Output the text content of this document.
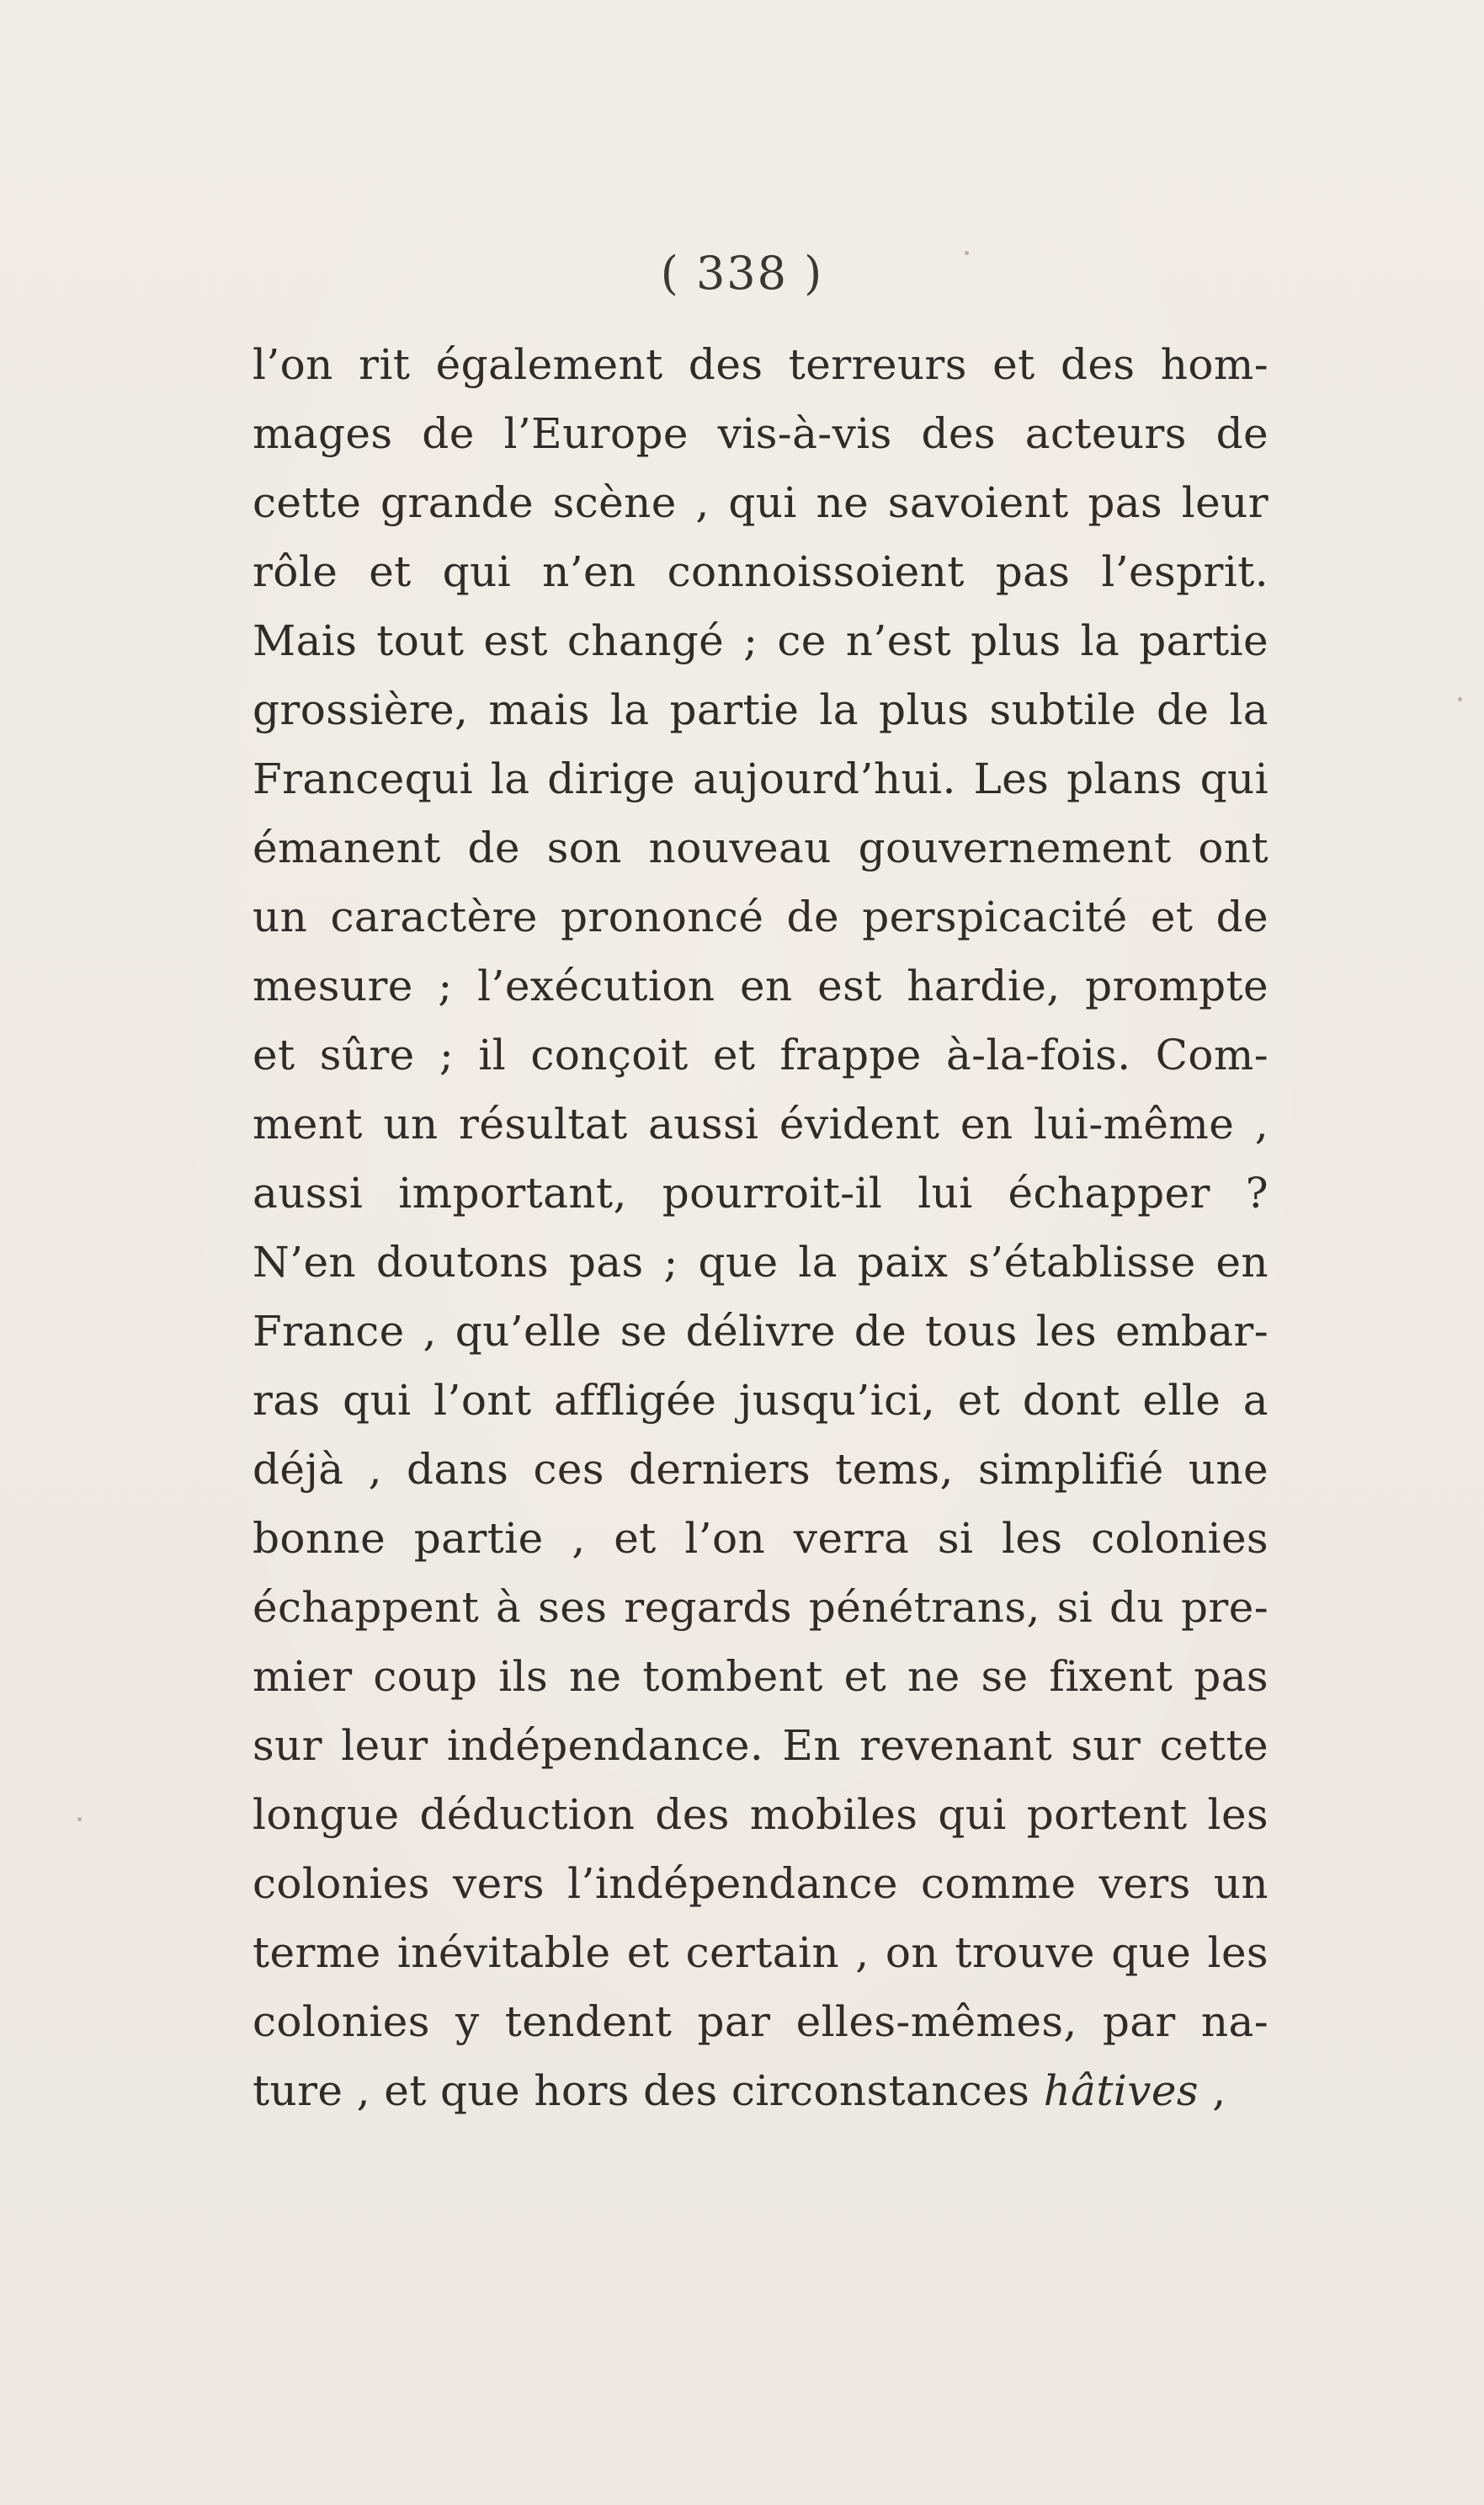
( 338 )
l’on rit également des terreurs et des hom-
mages de l’Europe vis-à-vis des acteurs de
cette grande scène , qui ne savoient pas leur
rôle et qui n’en connoissoient pas l’esprit.
Mais tout est changé ; ce n’est plus la partie
grossière, mais la partie la plus subtile de la
Francequi la dirige aujourd’hui. Les plans qui
émanent de son nouveau gouvernement ont
un caractère prononcé de perspicacité et de
mesure ; l’exécution en est hardie, prompte
et sûre ; il conçoit et frappe à-la-fois. Com-
ment un résultat aussi évident en lui-même ,
aussi important, pourroit-il lui échapper ?
N’en doutons pas ; que la paix s’établisse en
France , qu’elle se délivre de tous les embar-
ras qui l’ont affligée jusqu’ici, et dont elle a
déjà , dans ces derniers tems, simplifié une
bonne partie , et l’on verra si les colonies
échappent à ses regards pénétrans, si du pre-
mier coup ils ne tombent et ne se fixent pas
sur leur indépendance. En revenant sur cette
longue déduction des mobiles qui portent les
colonies vers l’indépendance comme vers un
terme inévitable et certain , on trouve que les
colonies y tendent par elles-mêmes, par na-
ture , et que hors des circonstances hâtives ,
